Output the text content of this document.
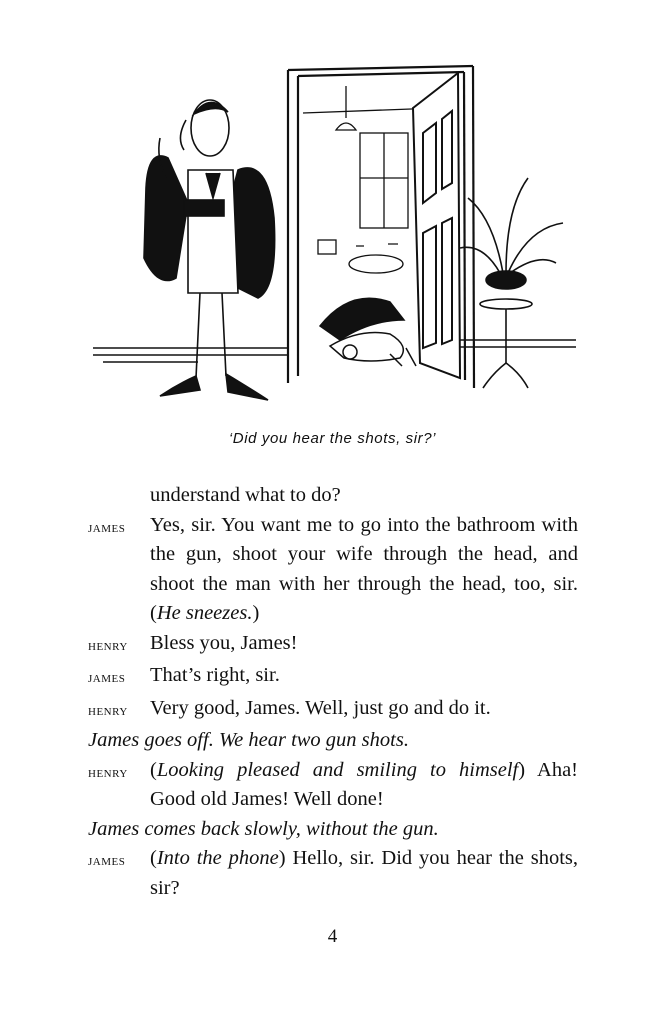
‘Did you hear the shots, sir?’
understand what to do?
james	Yes, sir. You want me to go into the bathroom with the gun, shoot your wife through the head, and shoot the man with her through the head, too, sir. (He sneezes.)
henry	Bless you, James!
james	That’s right, sir.
henry	Very good, James. Well, just go and do it.
James goes off. We hear two gun shots.
henry	(Looking pleased and smiling to himself) Aha! Good old James! Well done!
James comes back slowly, without the gun.
james	(Into the phone) Hello, sir. Did you hear the shots, sir?
4
